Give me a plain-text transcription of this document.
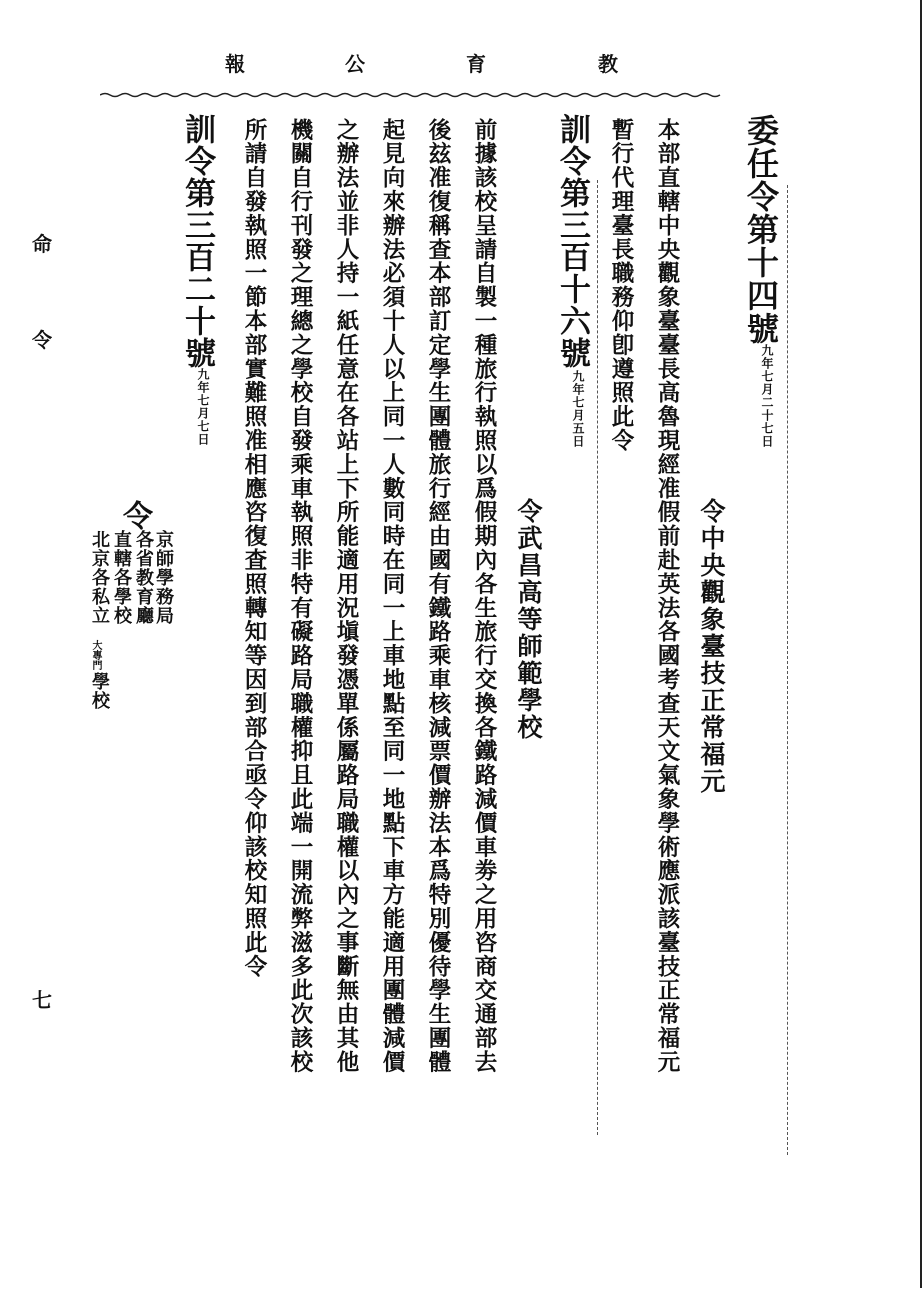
教
育
公
報
命
令
七
委任令第十四號
九年七月二十七日
令中央觀象臺技正常福元
本部直轄中央觀象臺臺長高魯現經准假前赴英法各國考查天文氣象學術應派該臺技正常福元
暫行代理臺長職務仰卽遵照此令
訓令第三百十六號
九年七月五日
令武昌高等師範學校
前據該校呈請自製一種旅行執照以爲假期內各生旅行交換各鐵路減價車劵之用咨商交通部去
後玆准復稱查本部訂定學生團體旅行經由國有鐵路乘車核減票價辦法本爲特別優待學生團體
起見向來辦法必須十人以上同一人數同時在同一上車地點至同一地點下車方能適用團體減價
之辦法並非人持一紙任意在各站上下所能適用況塡發憑單係屬路局職權以內之事斷無由其他
機關自行刊發之理總之學校自發乘車執照非特有礙路局職權抑且此端一開流弊滋多此次該校
所請自發執照一節本部實難照准相應咨復査照轉知等因到部合亟令仰該校知照此令
訓令第三百二十號
九年七月七日
令
京師學務局
各省教育廳
直轄各學校
北京各私立
大專門
學校
